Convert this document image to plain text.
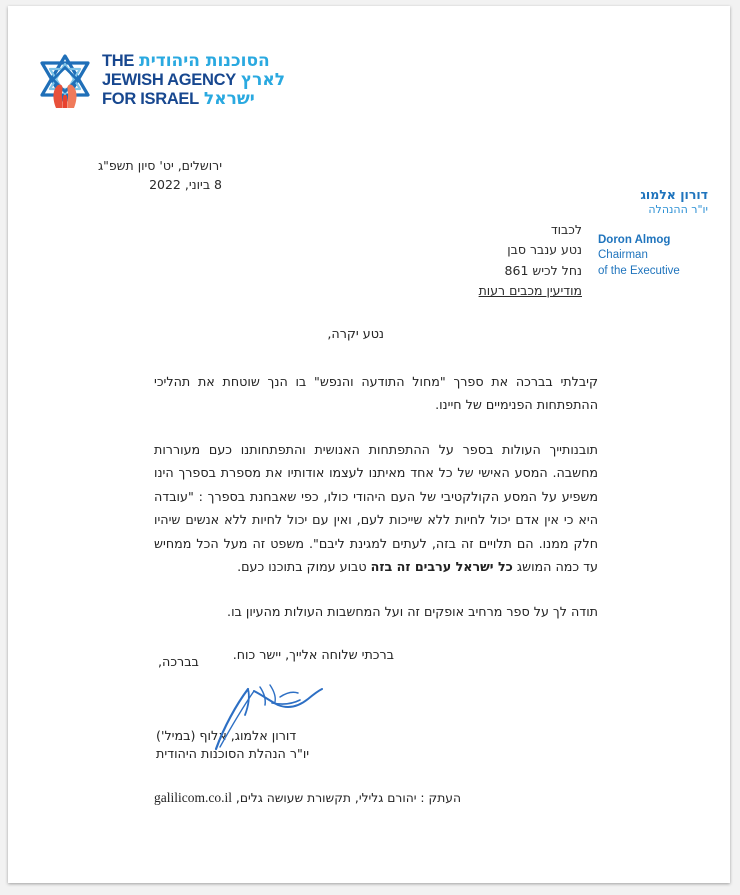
THE הסוכנות היהודית
JEWISH AGENCY לארץ
FOR ISRAEL ישראל
ירושלים, יט' סיון תשפ"ג
8 ביוני, 2022
דורון אלמוג
יו"ר ההנהלה
Doron Almog
Chairman
of the Executive
לכבוד
נטע ענבר סבן
נחל לכיש 861
מודיעין מכבים רעות
נטע יקרה,
קיבלתי בברכה את ספרך "מחול התודעה והנפש" בו הנך שוטחת את תהליכי ההתפתחות הפנימיים של חיינו.
תובנותייך העולות בספר על ההתפתחות האנושית והתפתחותנו כעם מעוררות מחשבה. המסע האישי של כל אחד מאיתנו לעצמו אודותיו את מספרת בספרך הינו משפיע על המסע הקולקטיבי של העם היהודי כולו, כפי שאבחנת בספרך : "עובדה היא כי אין אדם יכול לחיות ללא שייכות לעם, ואין עם יכול לחיות ללא אנשים שיהיו חלק ממנו. הם תלויים זה בזה, לעתים למגינת ליבם". משפט זה מעל הכל ממחיש עד כמה המושג כל ישראל ערבים זה בזה טבוע עמוק בתוכנו כעם.
תודה לך על ספר מרחיב אופקים זה ועל המחשבות העולות מהעיון בו.
ברכתי שלוחה אלייך, יישר כוח.
בברכה,
דורון אלמוג, אלוף (במיל')
יו"ר הנהלת הסוכנות היהודית
העתק : יהורם גלילי, תקשורת שעושה גלים, galilicom.co.il
